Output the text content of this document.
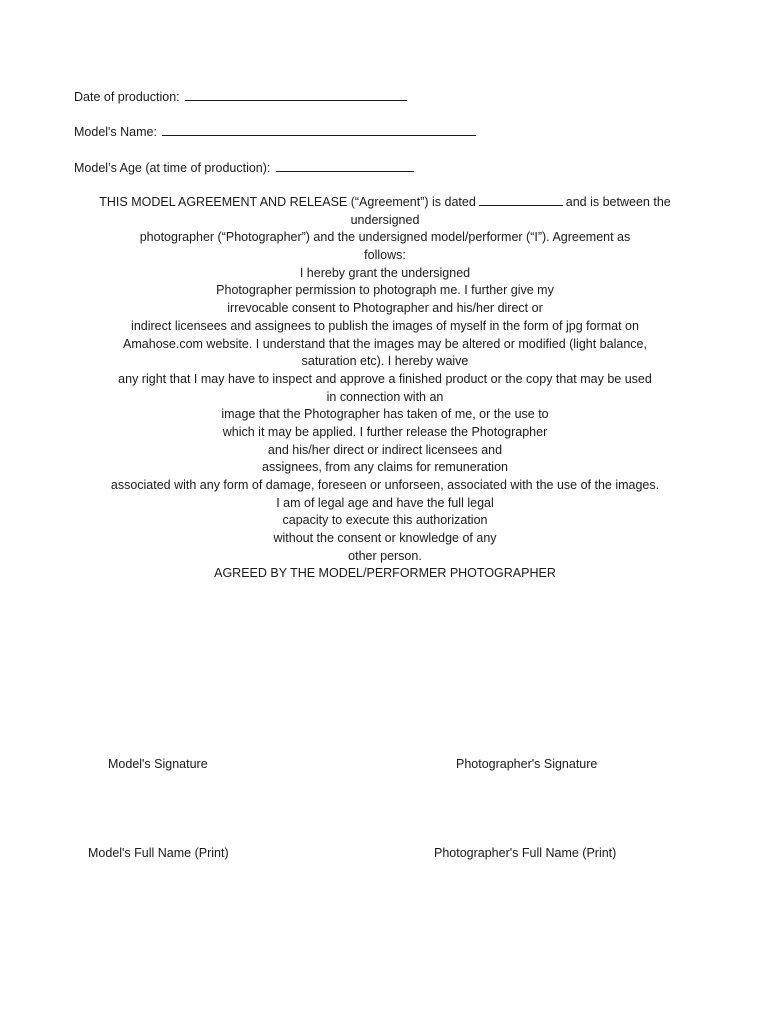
Date of production:
Model's Name:
Model’s Age (at time of production):
THIS MODEL AGREEMENT AND RELEASE (“Agreement”) is dated	and is between the
undersigned
photographer (“Photographer”) and the undersigned model/performer (“I”). Agreement as
follows:
I hereby grant the undersigned
Photographer permission to photograph me. I further give my
irrevocable consent to Photographer and his/her direct or
indirect licensees and assignees to publish the images of myself in the form of jpg format on
Amahose.com website. I understand that the images may be altered or modified (light balance,
saturation etc). I hereby waive
any right that I may have to inspect and approve a finished product or the copy that may be used
in connection with an
image that the Photographer has taken of me, or the use to
which it may be applied. I further release the Photographer
and his/her direct or indirect licensees and
assignees, from any claims for remuneration
associated with any form of damage, foreseen or unforseen, associated with the use of the images.
I am of legal age and have the full legal
capacity to execute this authorization
without the consent or knowledge of any
other person.
AGREED BY THE MODEL/PERFORMER PHOTOGRAPHER
Model's Signature	Photographer's Signature
Model's Full Name (Print)	Photographer's Full Name (Print)
